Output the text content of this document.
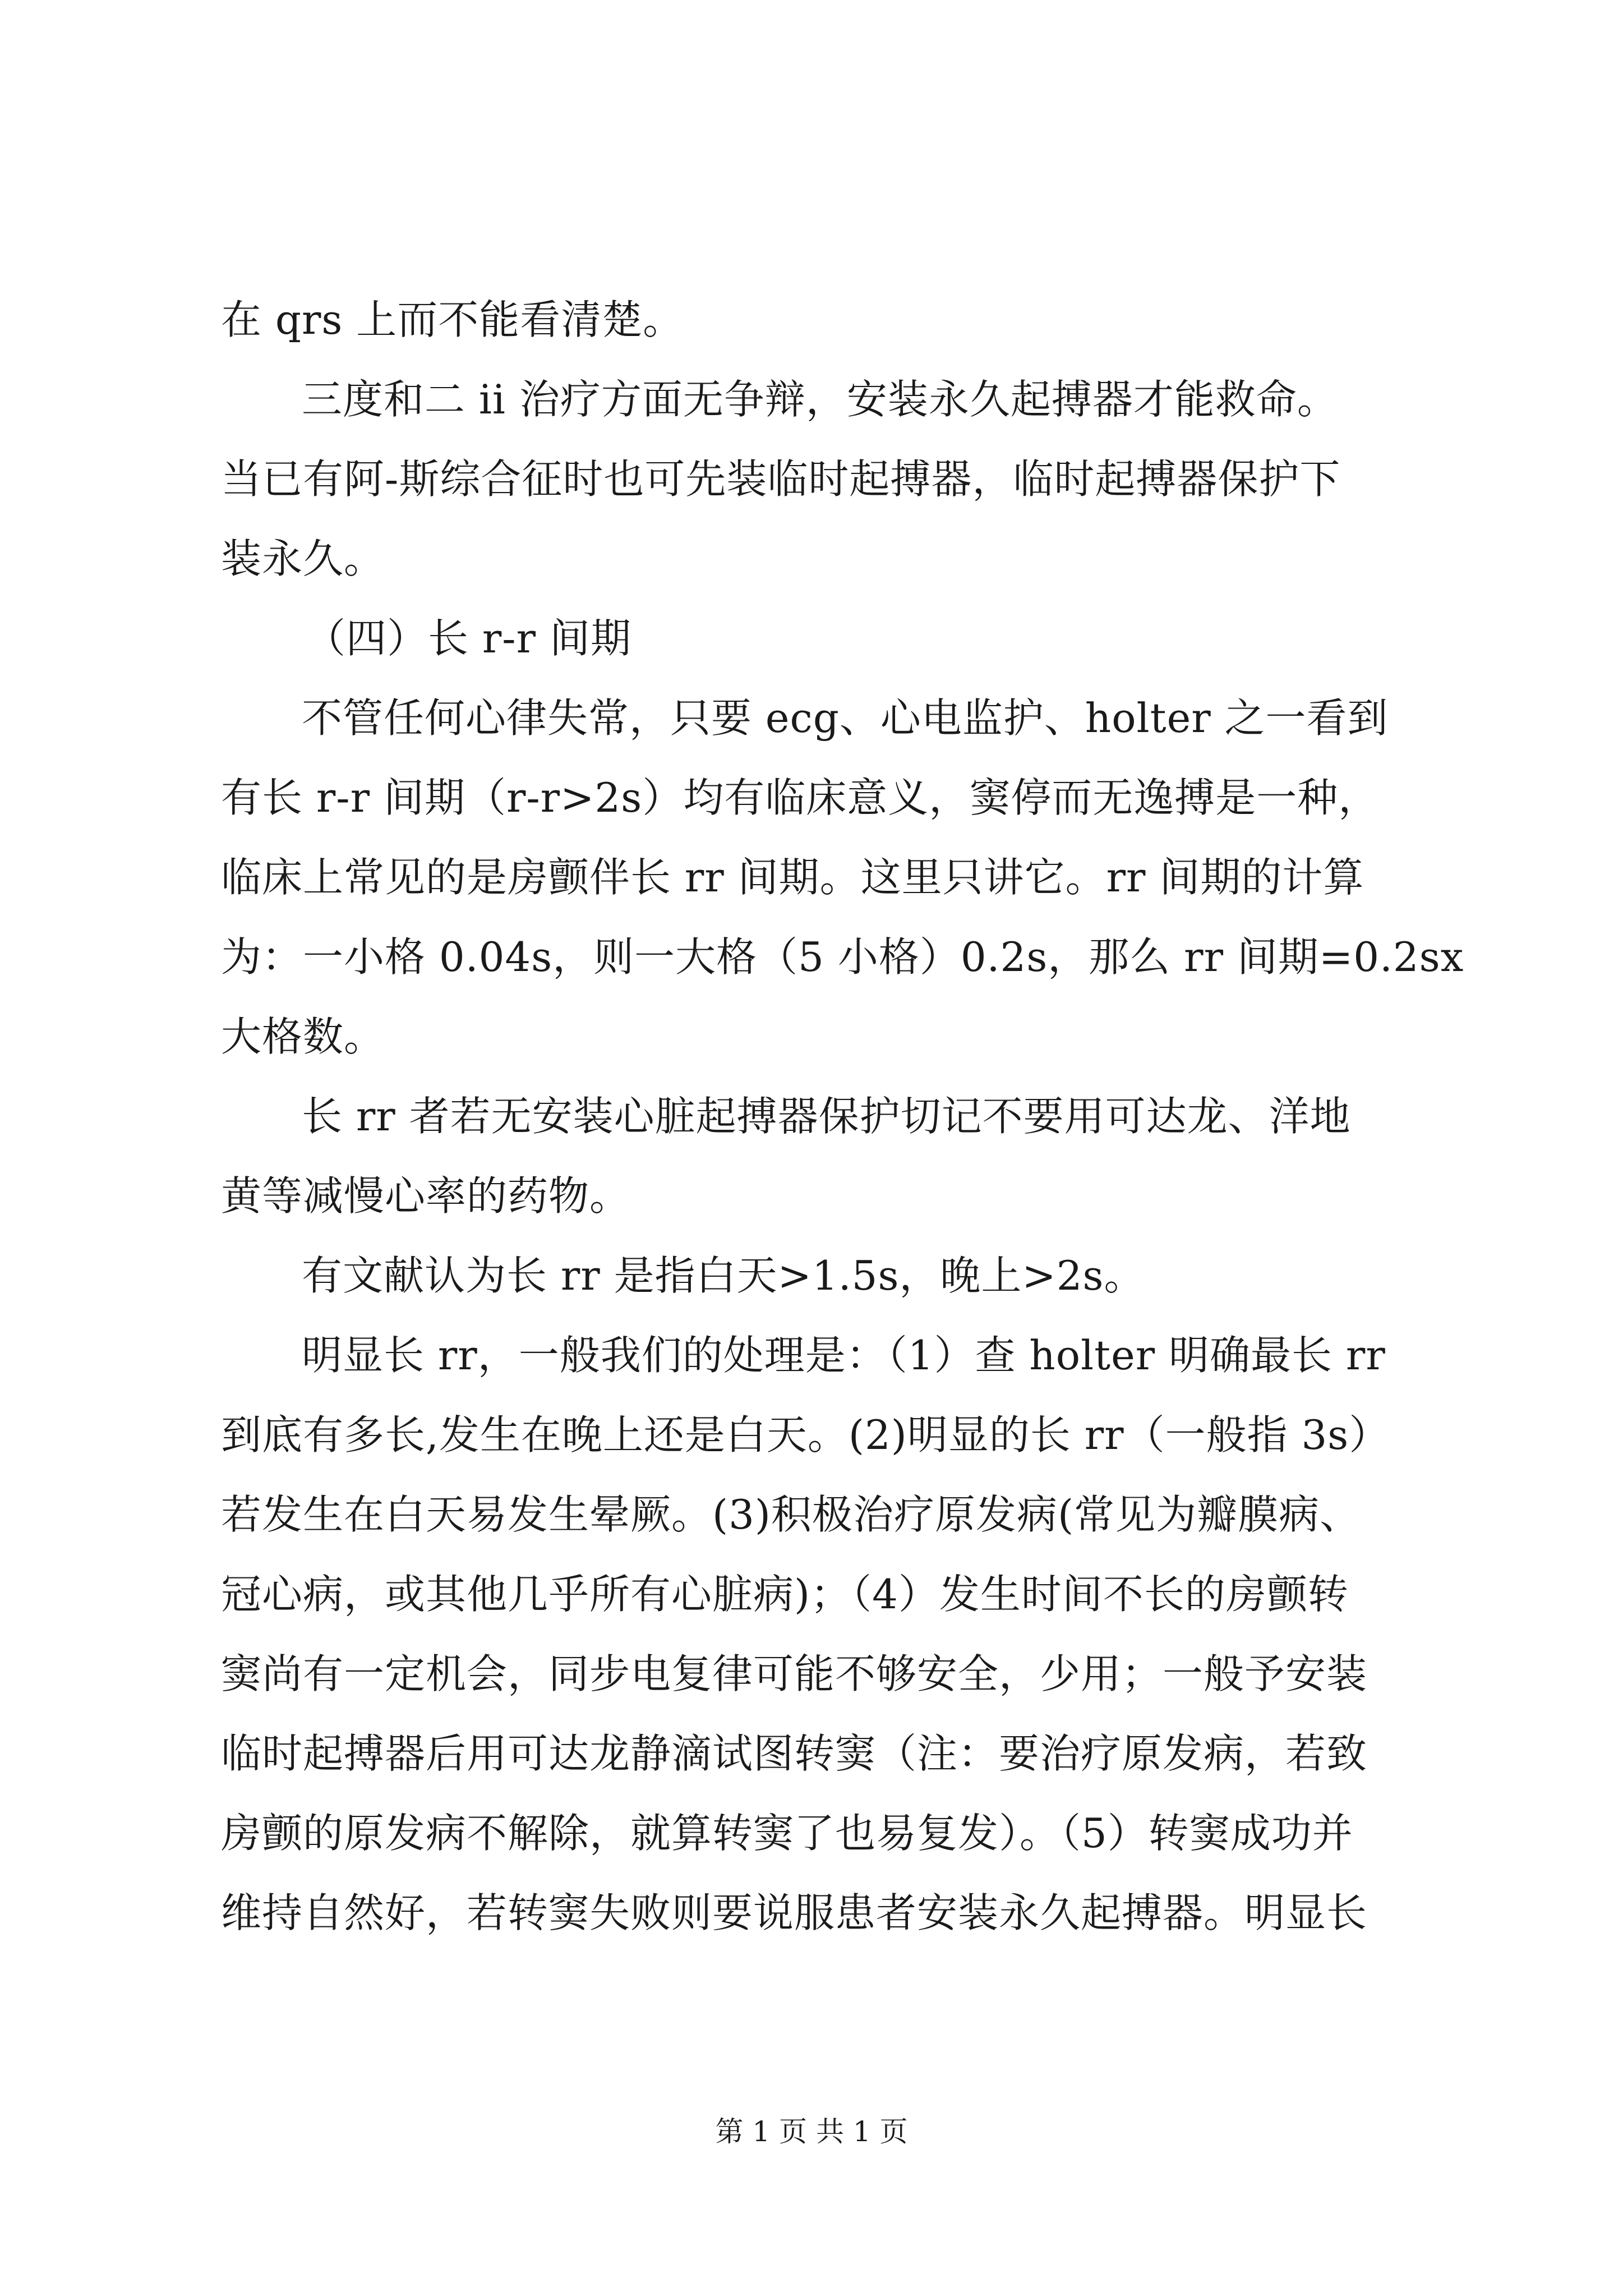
在 qrs 上而不能看清楚。
三度和二 ii 治疗方面无争辩，安装永久起搏器才能救命。
当已有阿-斯综合征时也可先装临时起搏器，临时起搏器保护下
装永久。
（四）长 r-r 间期
不管任何心律失常，只要 ecg、心电监护、holter 之一看到
有长 r-r 间期（r-r>2s）均有临床意义，窦停而无逸搏是一种，
临床上常见的是房颤伴长 rr 间期。这里只讲它。rr 间期的计算
为：一小格 0.04s，则一大格（5 小格）0.2s，那么 rr 间期=0.2sx
大格数。
长 rr 者若无安装心脏起搏器保护切记不要用可达龙、洋地
黄等减慢心率的药物。
有文献认为长 rr 是指白天>1.5s，晚上>2s。
明显长 rr，一般我们的处理是：（1）查 holter 明确最长 rr
到底有多长,发生在晚上还是白天。(2)明显的长 rr（一般指 3s）
若发生在白天易发生晕厥。(3)积极治疗原发病(常见为瓣膜病、
冠心病，或其他几乎所有心脏病)；（4）发生时间不长的房颤转
窦尚有一定机会，同步电复律可能不够安全，少用；一般予安装
临时起搏器后用可达龙静滴试图转窦（注：要治疗原发病，若致
房颤的原发病不解除，就算转窦了也易复发）。（5）转窦成功并
维持自然好，若转窦失败则要说服患者安装永久起搏器。明显长
第 1 页 共 1 页
